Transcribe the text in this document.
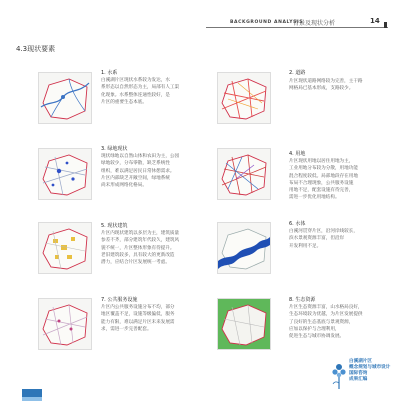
BACKGROUND ANALYSIS
背景及现状分析	14
4.3现状要素
1. 水系
白溪湖片区现状水系较为发达，水
系形态以自然形态为主，局部有人工渠
化现象。水系整体连通性较好，是
片区的重要生态本底。
2. 道路
片区现状道路网络较为完善，主干路
网格局已基本形成，支路较少。
3. 绿地现状
现状绿地以自然山体和农田为主，公园
绿地较少，分布零散，缺乏系统性
组织，难以满足居民日常休憩需求。
片区内部缺乏开敞空间，绿地系统
尚未形成网络化格局。
4. 用地
片区现状用地以居住用地为主，
工业用地分布较为分散，用地功能
混合程度较低。局部地段存在用地
布局不合理现象，公共服务设施
用地不足，配套设施有待完善，
需进一步优化用地结构。
5. 现状建筑
片区内现状建筑以多层为主，建筑质量
参差不齐，部分建筑年代较久，建筑风
貌不统一，片区整体形象有待提升。
老旧建筑较多，具有较大的更新改造
潜力，应结合片区发展统一考虑。
6. 水体
白溪河贯穿片区，沿河岸线较长，
滨水景观资源丰富，但沿岸
开发利用不足。
7. 公共服务设施
片区内公共服务设施分布不均，部分
地区覆盖不足，设施等级偏低，服务
能力有限，难以满足片区未来发展需
求，需进一步完善配套。
8. 生态资源
片区生态资源丰富，山水格局良好，
生态环境较为优越，为片区发展提供
了良好的生态基底与景观资源，
应加以保护与合理利用，
促进生态与城市协调发展。
白溪湖片区
概念规划与城市设计
国际咨询
成果汇编
